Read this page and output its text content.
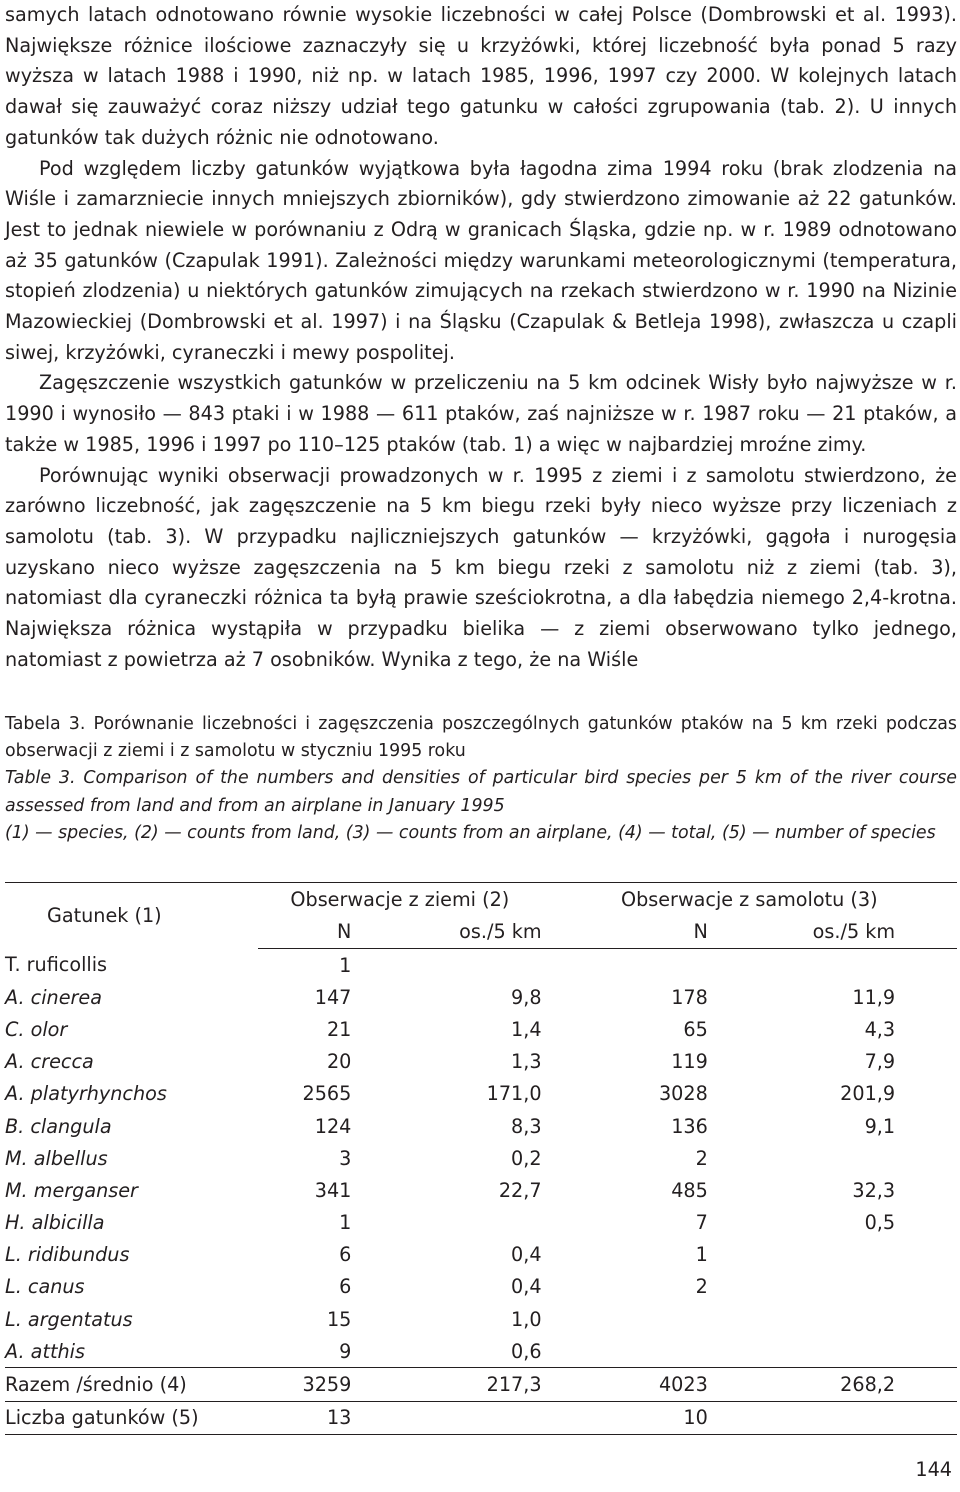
samych latach odnotowano równie wysokie liczebności w całej Polsce (Dombrowski et al. 1993). Największe różnice ilościowe zaznaczyły się u krzyżówki, której liczebność była ponad 5 razy wyższa w latach 1988 i 1990, niż np. w latach 1985, 1996, 1997 czy 2000. W kolejnych latach dawał się zauważyć coraz niższy udział tego gatunku w całości zgrupowania (tab. 2). U innych gatunków tak dużych różnic nie odnotowano.

Pod względem liczby gatunków wyjątkowa była łagodna zima 1994 roku (brak zlodzenia na Wiśle i zamarzniecie innych mniejszych zbiorników), gdy stwierdzono zimowanie aż 22 gatunków. Jest to jednak niewiele w porównaniu z Odrą w granicach Śląska, gdzie np. w r. 1989 odnotowano aż 35 gatunków (Czapulak 1991). Zależności między warunkami meteorologicznymi (temperatura, stopień zlodzenia) u niektórych gatunków zimujących na rzekach stwierdzono w r. 1990 na Nizinie Mazowieckiej (Dombrowski et al. 1997) i na Śląsku (Czapulak & Betleja 1998), zwłaszcza u czapli siwej, krzyżówki, cyraneczki i mewy pospolitej.

Zagęszczenie wszystkich gatunków w przeliczeniu na 5 km odcinek Wisły było najwyższe w r. 1990 i wynosiło — 843 ptaki i w 1988 — 611 ptaków, zaś najniższe w r. 1987 roku — 21 ptaków, a także w 1985, 1996 i 1997 po 110–125 ptaków (tab. 1) a więc w najbardziej mroźne zimy.

Porównując wyniki obserwacji prowadzonych w r. 1995 z ziemi i z samolotu stwierdzono, że zarówno liczebność, jak zagęszczenie na 5 km biegu rzeki były nieco wyższe przy liczeniach z samolotu (tab. 3). W przypadku najliczniejszych gatunków — krzyżówki, gągoła i nurogęsia uzyskano nieco wyższe zagęszczenia na 5 km biegu rzeki z samolotu niż z ziemi (tab. 3), natomiast dla cyraneczki różnica ta byłą prawie sześciokrotna, a dla łabędzia niemego 2,4-krotna. Największa różnica wystąpiła w przypadku bielika — z ziemi obserwowano tylko jednego, natomiast z powietrza aż 7 osobników. Wynika z tego, że na Wiśle

Tabela 3. Porównanie liczebności i zagęszczenia poszczególnych gatunków ptaków na 5 km rzeki podczas obserwacji z ziemi i z samolotu w styczniu 1995 roku

Table 3. Comparison of the numbers and densities of particular bird species per 5 km of the river course assessed from land and from an airplane in January 1995

(1) — species, (2) — counts from land, (3) — counts from an airplane, (4) — total, (5) — number of species

Gatunek (1)	Obserwacje z ziemi (2)		Obserwacje z samolotu (3)		
	N	os./5 km	N	os./5 km	
T. ruficollis	1				
A. cinerea	147	9,8	178	11,9	
C. olor	21	1,4	65	4,3	
A. crecca	20	1,3	119	7,9	
A. platyrhynchos	2565	171,0	3028	201,9	
B. clangula	124	8,3	136	9,1	
M. albellus	3	0,2	2		
M. merganser	341	22,7	485	32,3	
H. albicilla	1		7	0,5	
L. ridibundus	6	0,4	1		
L. canus	6	0,4	2		
L. argentatus	15	1,0			
A. atthis	9	0,6			
Razem /średnio (4)	3259	217,3	4023	268,2	
Liczba gatunków (5)	13		10		
144
